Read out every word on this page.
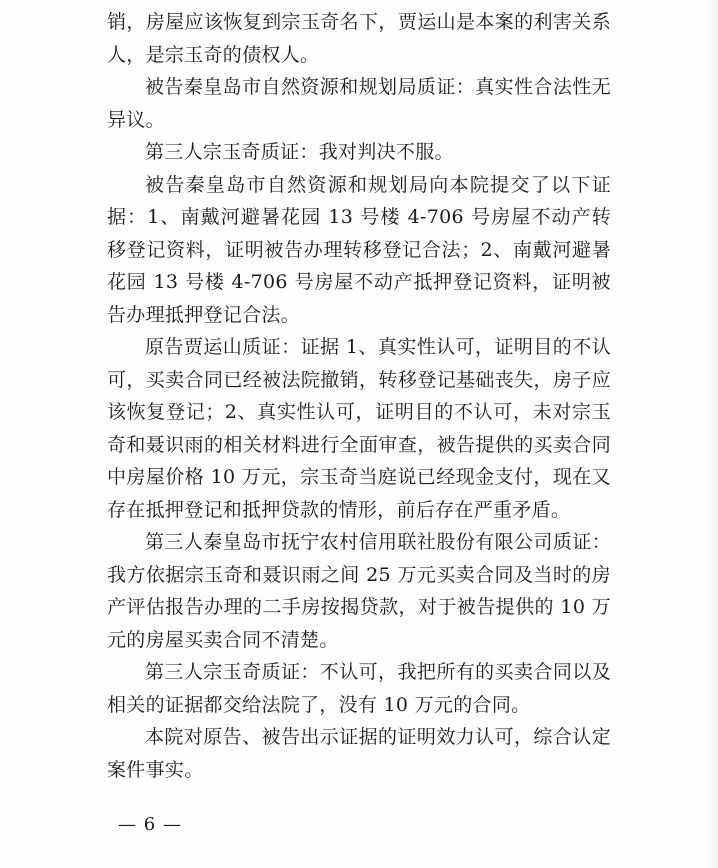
销，房屋应该恢复到宗玉奇名下，贾运山是本案的利害关系人，是宗玉奇的债权人。

被告秦皇岛市自然资源和规划局质证：真实性合法性无异议。

第三人宗玉奇质证：我对判决不服。

被告秦皇岛市自然资源和规划局向本院提交了以下证据：1、南戴河避暑花园 13 号楼 4-706 号房屋不动产转移登记资料，证明被告办理转移登记合法；2、南戴河避暑花园 13 号楼 4-706 号房屋不动产抵押登记资料，证明被告办理抵押登记合法。

原告贾运山质证：证据 1、真实性认可，证明目的不认可，买卖合同已经被法院撤销，转移登记基础丧失，房子应该恢复登记；2、真实性认可，证明目的不认可，未对宗玉奇和聂识雨的相关材料进行全面审查，被告提供的买卖合同中房屋价格 10 万元，宗玉奇当庭说已经现金支付，现在又存在抵押登记和抵押贷款的情形，前后存在严重矛盾。

第三人秦皇岛市抚宁农村信用联社股份有限公司质证：我方依据宗玉奇和聂识雨之间 25 万元买卖合同及当时的房产评估报告办理的二手房按揭贷款，对于被告提供的 10 万元的房屋买卖合同不清楚。

第三人宗玉奇质证：不认可，我把所有的买卖合同以及相关的证据都交给法院了，没有 10 万元的合同。

本院对原告、被告出示证据的证明效力认可，综合认定案件事实。

— 6 —
